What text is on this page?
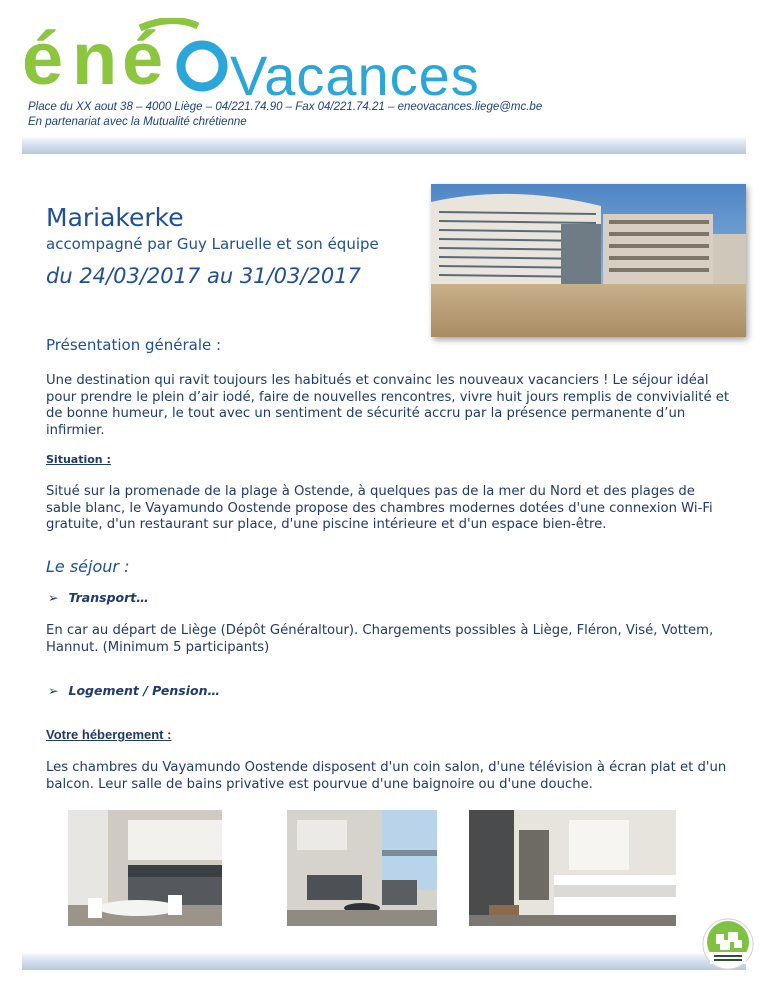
é n é Vacances
Place du XX aout 38 – 4000 Liège – 04/221.74.90 – Fax 04/221.74.21 – eneovacances.liege@mc.be
En partenariat avec la Mutualité chrétienne
Mariakerke
accompagné par Guy Laruelle et son équipe
du 24/03/2017 au 31/03/2017
Présentation générale :
Une destination qui ravit toujours les habitués et convainc les nouveaux vacanciers ! Le séjour idéal pour prendre le plein d’air iodé, faire de nouvelles rencontres, vivre huit jours remplis de convivialité et de bonne humeur, le tout avec un sentiment de sécurité accru par la présence permanente d’un infirmier.
Situation :
Situé sur la promenade de la plage à Ostende, à quelques pas de la mer du Nord et des plages de sable blanc, le Vayamundo Oostende propose des chambres modernes dotées d'une connexion Wi-Fi gratuite, d'un restaurant sur place, d'une piscine intérieure et d'un espace bien-être.
Le séjour :
➢ Transport…
En car au départ de Liège (Dépôt Généraltour). Chargements possibles à Liège, Fléron, Visé, Vottem, Hannut. (Minimum 5 participants)
➢ Logement / Pension…
Votre hébergement :
Les chambres du Vayamundo Oostende disposent d'un coin salon, d'une télévision à écran plat et d'un balcon. Leur salle de bains privative est pourvue d'une baignoire ou d'une douche.
